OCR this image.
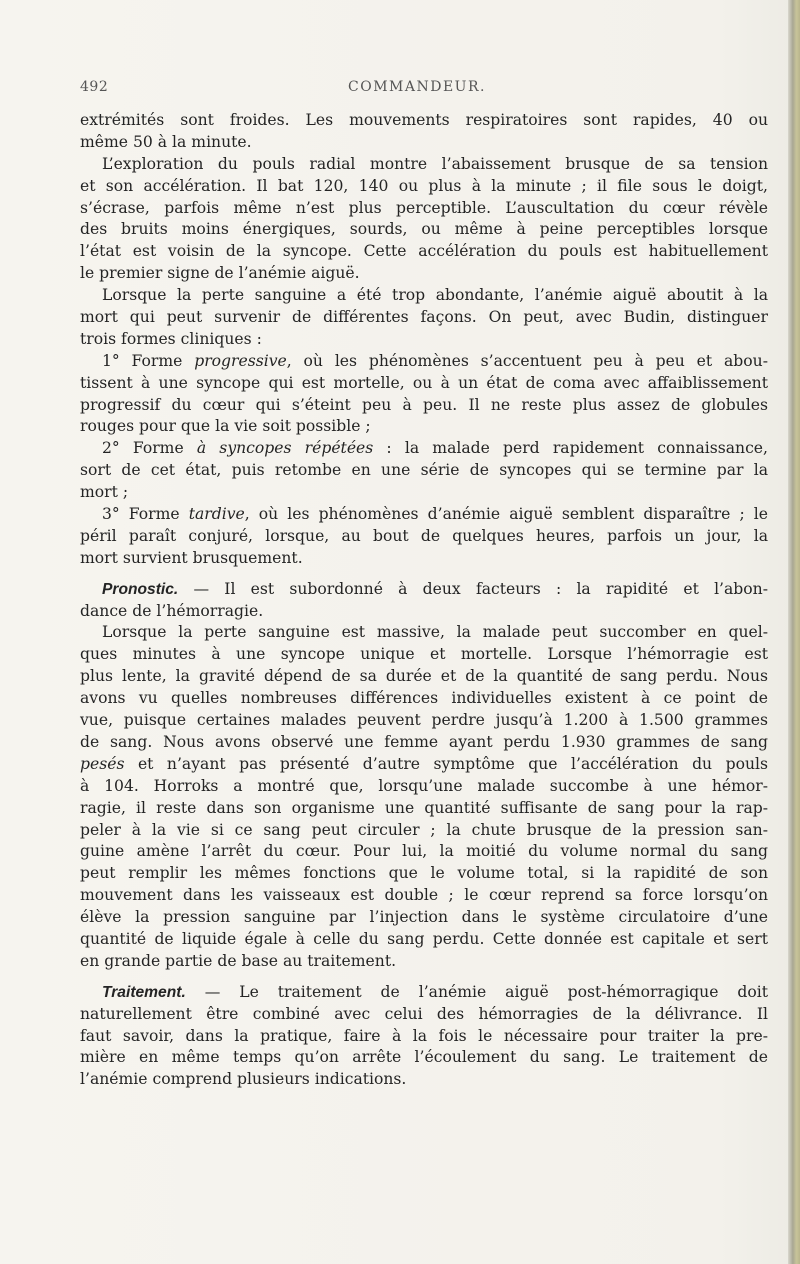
492	COMMANDEUR.
extrémités sont froides. Les mouvements respiratoires sont rapides, 40 ou
même 50 à la minute.
L’exploration du pouls radial montre l’abaissement brusque de sa tension
et son accélération. Il bat 120, 140 ou plus à la minute ; il file sous le doigt,
s’écrase, parfois même n’est plus perceptible. L’auscultation du cœur révèle
des bruits moins énergiques, sourds, ou même à peine perceptibles lorsque
l’état est voisin de la syncope. Cette accélération du pouls est habituellement
le premier signe de l’anémie aiguë.
Lorsque la perte sanguine a été trop abondante, l’anémie aiguë aboutit à la
mort qui peut survenir de différentes façons. On peut, avec Budin, distinguer
trois formes cliniques :
1° Forme progressive, où les phénomènes s’accentuent peu à peu et abou-
tissent à une syncope qui est mortelle, ou à un état de coma avec affaiblissement
progressif du cœur qui s’éteint peu à peu. Il ne reste plus assez de globules
rouges pour que la vie soit possible ;
2° Forme à syncopes répétées : la malade perd rapidement connaissance,
sort de cet état, puis retombe en une série de syncopes qui se termine par la
mort ;
3° Forme tardive, où les phénomènes d’anémie aiguë semblent disparaître ; le
péril paraît conjuré, lorsque, au bout de quelques heures, parfois un jour, la
mort survient brusquement.
Pronostic. — Il est subordonné à deux facteurs : la rapidité et l’abon-
dance de l’hémorragie.
Lorsque la perte sanguine est massive, la malade peut succomber en quel-
ques minutes à une syncope unique et mortelle. Lorsque l’hémorragie est
plus lente, la gravité dépend de sa durée et de la quantité de sang perdu. Nous
avons vu quelles nombreuses différences individuelles existent à ce point de
vue, puisque certaines malades peuvent perdre jusqu’à 1.200 à 1.500 grammes
de sang. Nous avons observé une femme ayant perdu 1.930 grammes de sang
pesés et n’ayant pas présenté d’autre symptôme que l’accélération du pouls
à 104. Horroks a montré que, lorsqu’une malade succombe à une hémor-
ragie, il reste dans son organisme une quantité suffisante de sang pour la rap-
peler à la vie si ce sang peut circuler ; la chute brusque de la pression san-
guine amène l’arrêt du cœur. Pour lui, la moitié du volume normal du sang
peut remplir les mêmes fonctions que le volume total, si la rapidité de son
mouvement dans les vaisseaux est double ; le cœur reprend sa force lorsqu’on
élève la pression sanguine par l’injection dans le système circulatoire d’une
quantité de liquide égale à celle du sang perdu. Cette donnée est capitale et sert
en grande partie de base au traitement.
Traitement. — Le traitement de l’anémie aiguë post-hémorragique doit
naturellement être combiné avec celui des hémorragies de la délivrance. Il
faut savoir, dans la pratique, faire à la fois le nécessaire pour traiter la pre-
mière en même temps qu’on arrête l’écoulement du sang. Le traitement de
l’anémie comprend plusieurs indications.
